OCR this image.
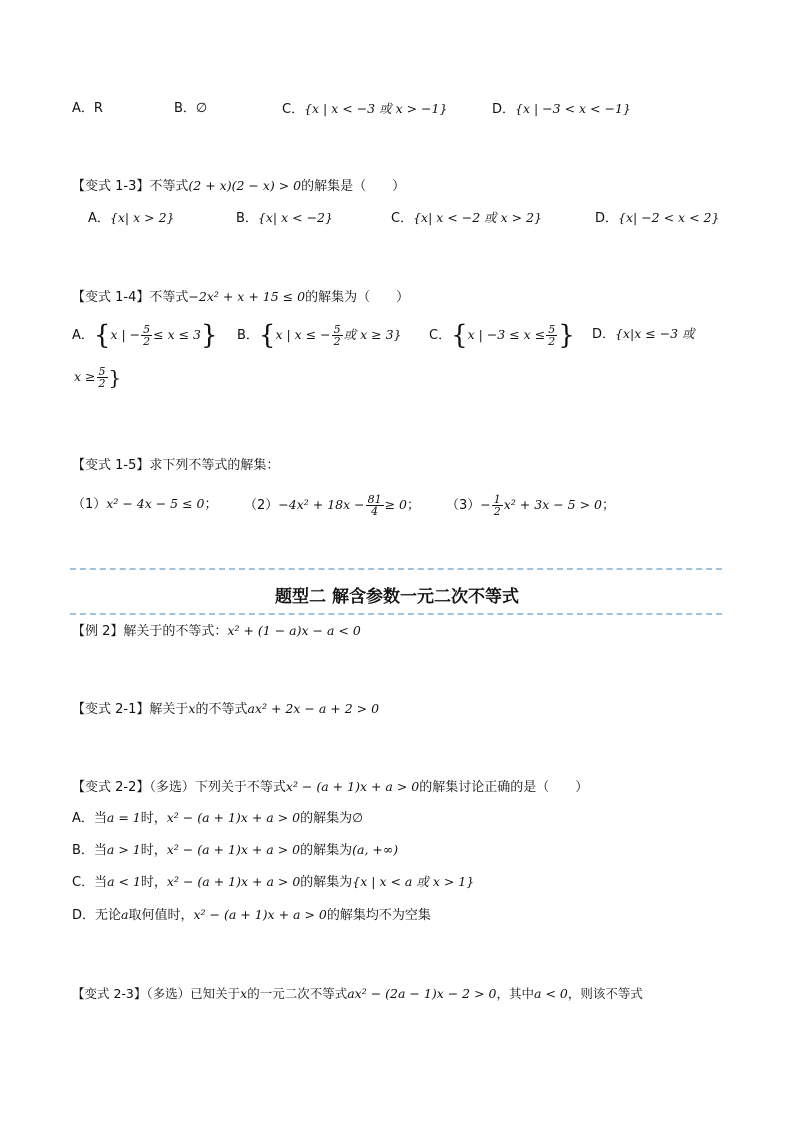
A．R	B．∅	C．{x | x < −3 或 x > −1}	D．{x | −3 < x < −1}
【变式 1-3】不等式(2 + x)(2 − x) > 0的解集是（　　）
A．{x| x > 2}	B．{x| x < −2}	C．{x| x < −2 或 x > 2}	D．{x| −2 < x < 2}
【变式 1-4】不等式−2x² + x + 15 ≤ 0的解集为（　　）
A．{x | − $\frac{5}{2} \le x \le 3$} B．{x | x ≤ − $\frac{5}{2}$ 或 x ≥ 3} C．{x | $-3 \le x \le \frac{5}{2}$ } D．{x|x ≤ −3 或
$x \ge \frac{5}{2}$ }
【变式 1-5】求下列不等式的解集：
（1）x² − 4x − 5 ≤ 0； $(2)-4x^2 + 18x - \frac{81}{4} \ge 0$； $(3)- \frac{1}{2} x^2 + 3x - 5 > 0$；
题型二 解含参数一元二次不等式
【例 2】解关于的不等式：x² + (1 − a)x − a < 0
【变式 2-1】解关于x的不等式ax² + 2x − a + 2 > 0
【变式 2-2】（多选）下列关于不等式x² − (a + 1)x + a > 0的解集讨论正确的是（　　）
A．当a = 1时，x² − (a + 1)x + a > 0的解集为∅
B．当a > 1时，x² − (a + 1)x + a > 0的解集为(a, +∞)
C．当a < 1时，x² − (a + 1)x + a > 0的解集为{x | x < a 或 x > 1}
D．无论a取何值时，x² − (a + 1)x + a > 0的解集均不为空集
【变式 2-3】（多选）已知关于x的一元二次不等式ax² − (2a − 1)x − 2 > 0，其中a < 0，则该不等式
